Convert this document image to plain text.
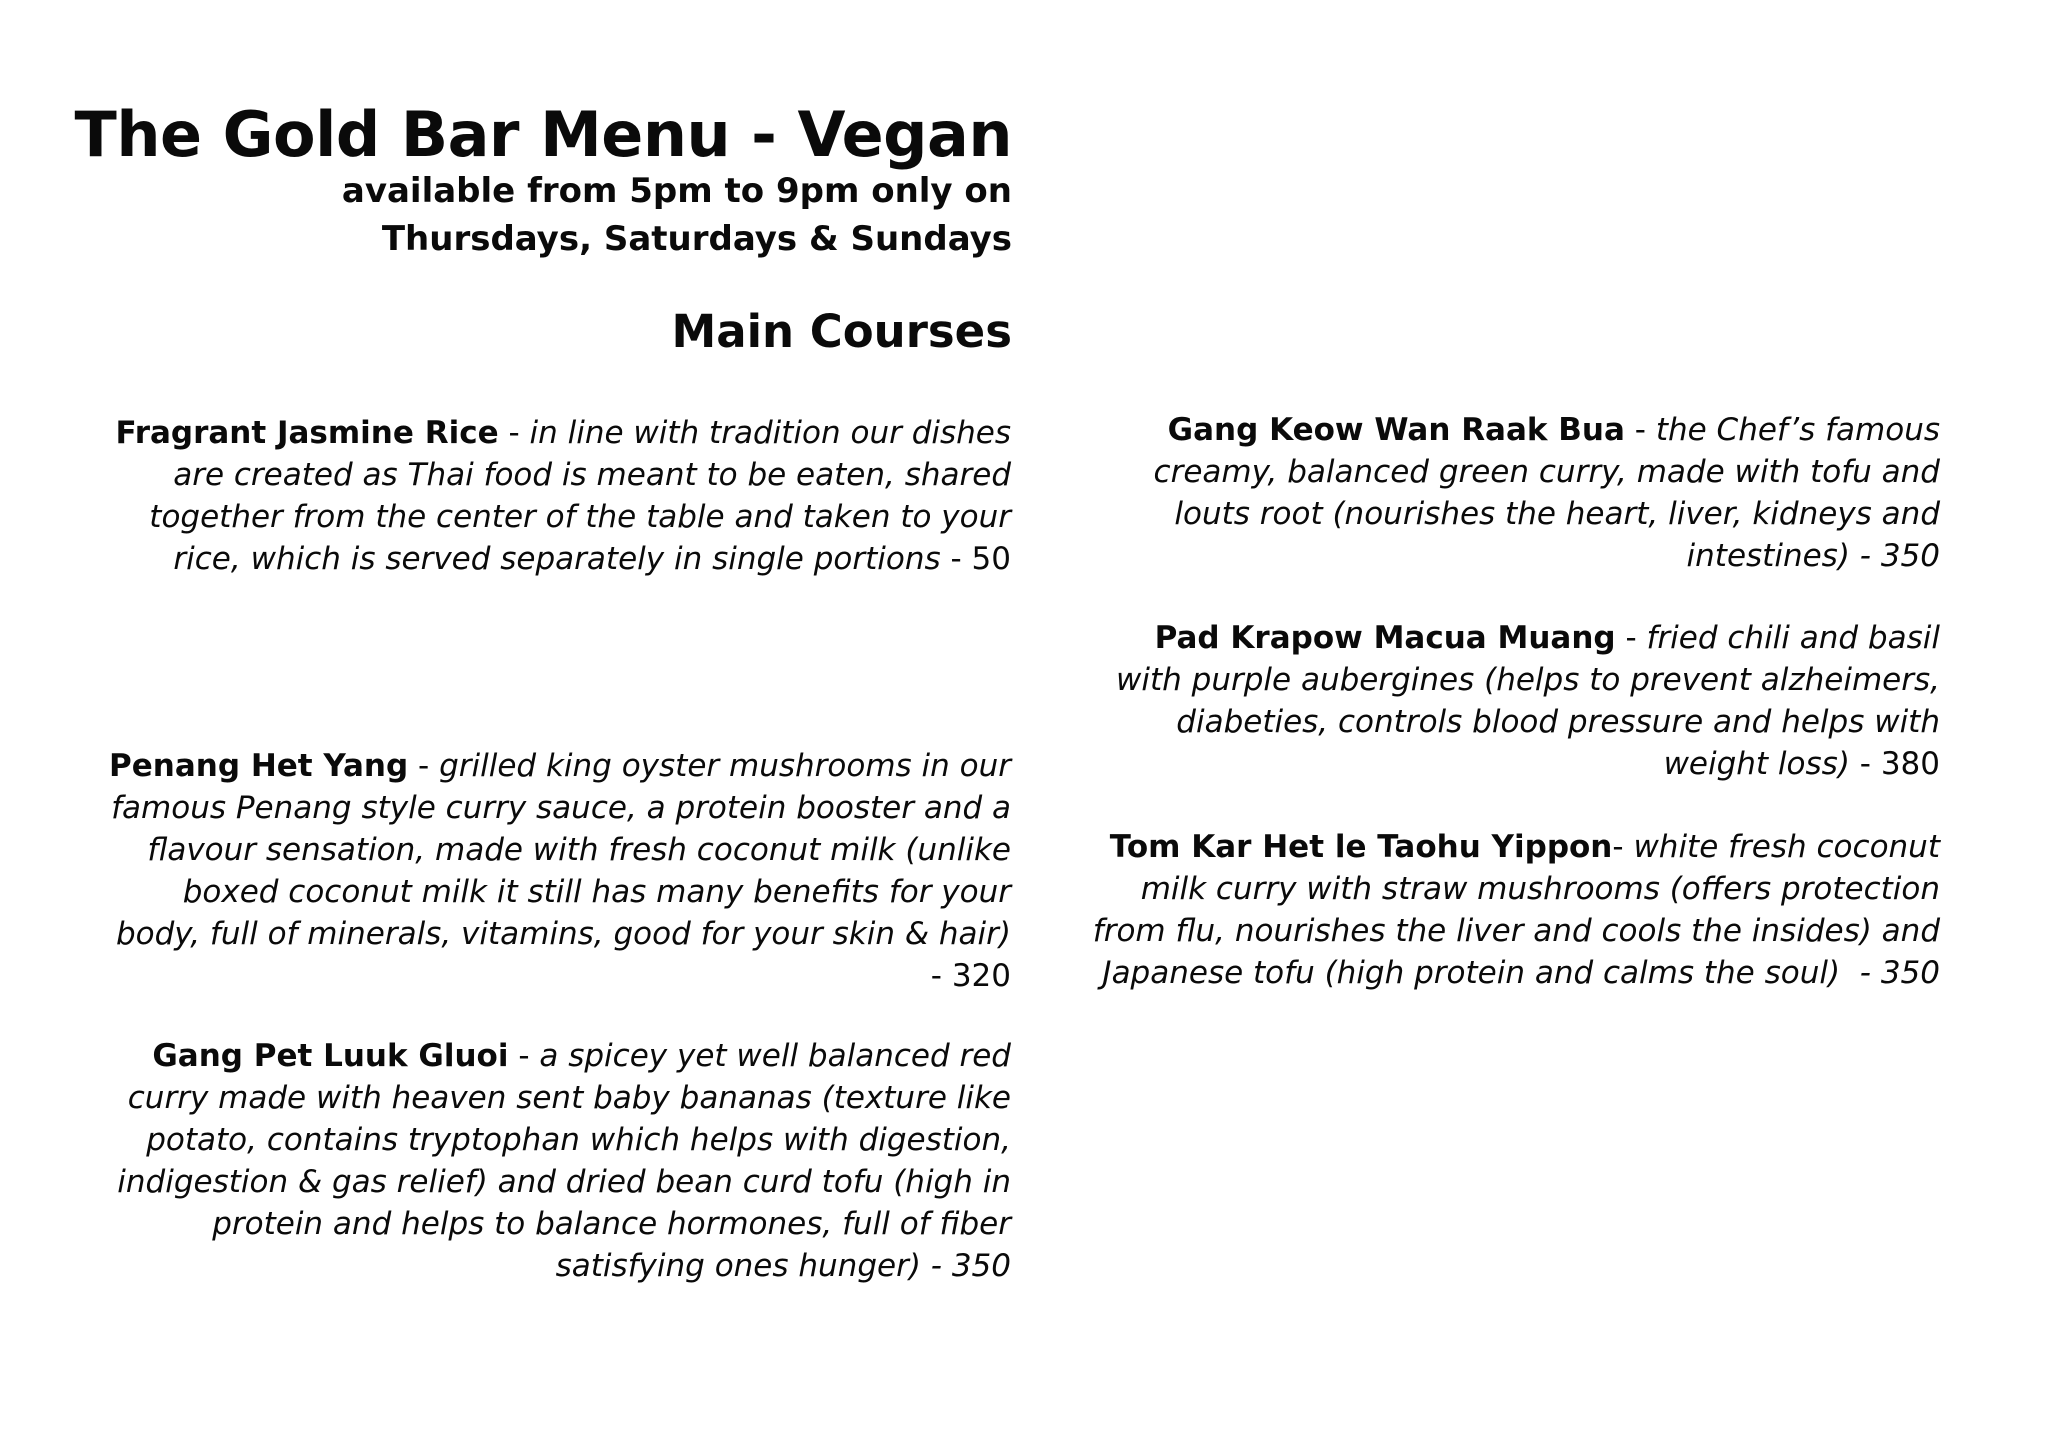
The Gold Bar Menu - Vegan
available from 5pm to 9pm only on
Thursdays, Saturdays & Sundays
Main Courses
Fragrant Jasmine Rice - in line with tradition our dishes are created as Thai food is meant to be eaten, shared together from the center of the table and taken to your rice, which is served separately in single portions - 50
Penang Het Yang - grilled king oyster mushrooms in our famous Penang style curry sauce, a protein booster and a flavour sensation, made with fresh coconut milk (unlike boxed coconut milk it still has many benefits for your body, full of minerals, vitamins, good for your skin & hair) - 320
Gang Pet Luuk Gluoi - a spicey yet well balanced red curry made with heaven sent baby bananas (texture like potato, contains tryptophan which helps with digestion, indigestion & gas relief) and dried bean curd tofu (high in protein and helps to balance hormones, full of fiber satisfying ones hunger) - 350
Gang Keow Wan Raak Bua - the Chef’s famous creamy, balanced green curry, made with tofu and louts root (nourishes the heart, liver, kidneys and intestines) - 350
Pad Krapow Macua Muang - fried chili and basil with purple aubergines (helps to prevent alzheimers, diabeties, controls blood pressure and helps with weight loss) - 380
Tom Kar Het le Taohu Yippon- white fresh coconut milk curry with straw mushrooms (offers protection from flu, nourishes the liver and cools the insides) and Japanese tofu (high protein and calms the soul)  - 350
